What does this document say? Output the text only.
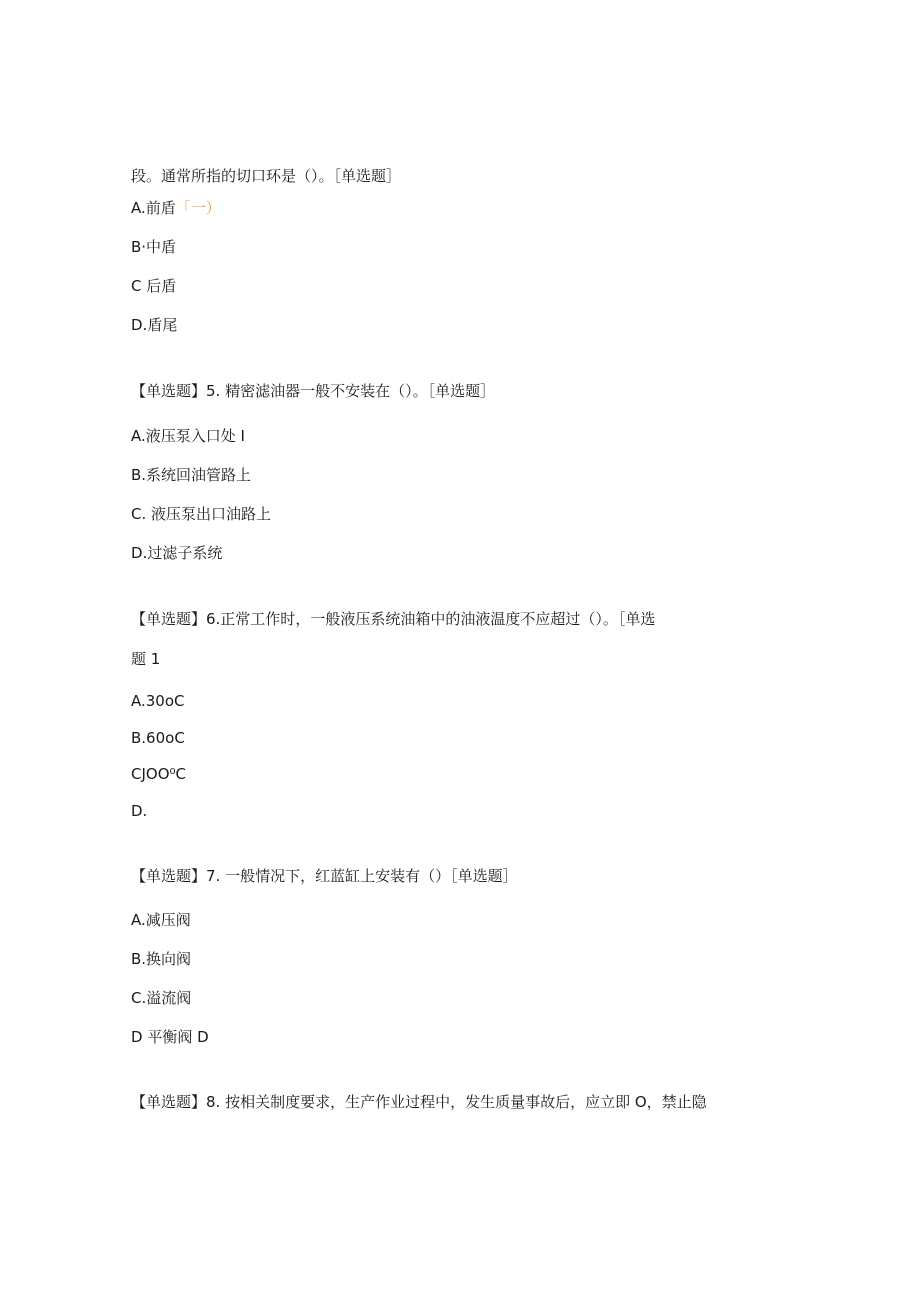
段。通常所指的切口环是（）。［单选题］
A.前盾「一）
B·中盾
C 后盾
D.盾尾
【单选题】5. 精密滤油器一般不安装在（）。［单选题］
A.液压泵入口处 I
B.系统回油管路上
C. 液压泵出口油路上
D.过滤子系统
【单选题】6.正常工作时，一般液压系统油箱中的油液温度不应超过（）。［单选
题 1
A.30oC
B.60oC
CJOO⁰C
D.
【单选题】7. 一般情况下，红蓝缸上安装有（）［单选题］
A.减压阀
B.换向阀
C.溢流阀
D 平衡阀 D
【单选题】8. 按相关制度要求，生产作业过程中，发生质量事故后，应立即 O，禁止隐
